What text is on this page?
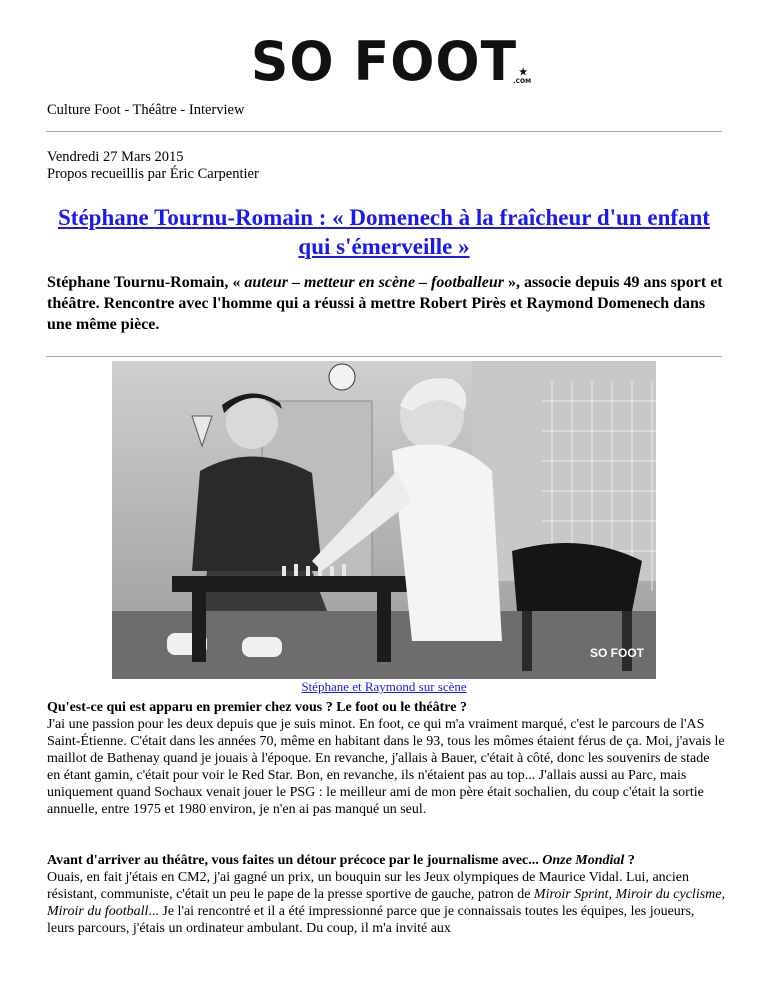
SO FOOT ★
.COM
Culture Foot - Théâtre - Interview
Vendredi 27 Mars 2015
Propos recueillis par Éric Carpentier
Stéphane Tournu-Romain : « Domenech à la fraîcheur d'un enfant qui s'émerveille »

Stéphane Tournu-Romain, « auteur – metteur en scène – footballeur », associe depuis 49 ans sport et théâtre. Rencontre avec l'homme qui a réussi à mettre Robert Pirès et Raymond Domenech dans une même pièce.

SO FOOT
Stéphane et Raymond sur scène
Qu'est-ce qui est apparu en premier chez vous ? Le foot ou le théâtre ?

J'ai une passion pour les deux depuis que je suis minot. En foot, ce qui m'a vraiment marqué, c'est le parcours de l'AS Saint-Étienne. C'était dans les années 70, même en habitant dans le 93, tous les mômes étaient férus de ça. Moi, j'avais le maillot de Bathenay quand je jouais à l'époque. En revanche, j'allais à Bauer, c'était à côté, donc les souvenirs de stade en étant gamin, c'était pour voir le Red Star. Bon, en revanche, ils n'étaient pas au top... J'allais aussi au Parc, mais uniquement quand Sochaux venait jouer le PSG : le meilleur ami de mon père était sochalien, du coup c'était la sortie annuelle, entre 1975 et 1980 environ, je n'en ai pas manqué un seul.

Avant d'arriver au théâtre, vous faites un détour précoce par le journalisme avec... Onze Mondial ?

Ouais, en fait j'étais en CM2, j'ai gagné un prix, un bouquin sur les Jeux olympiques de Maurice Vidal. Lui, ancien résistant, communiste, c'était un peu le pape de la presse sportive de gauche, patron de Miroir Sprint, Miroir du cyclisme, Miroir du football... Je l'ai rencontré et il a été impressionné parce que je connaissais toutes les équipes, les joueurs, leurs parcours, j'étais un ordinateur ambulant. Du coup, il m'a invité aux
